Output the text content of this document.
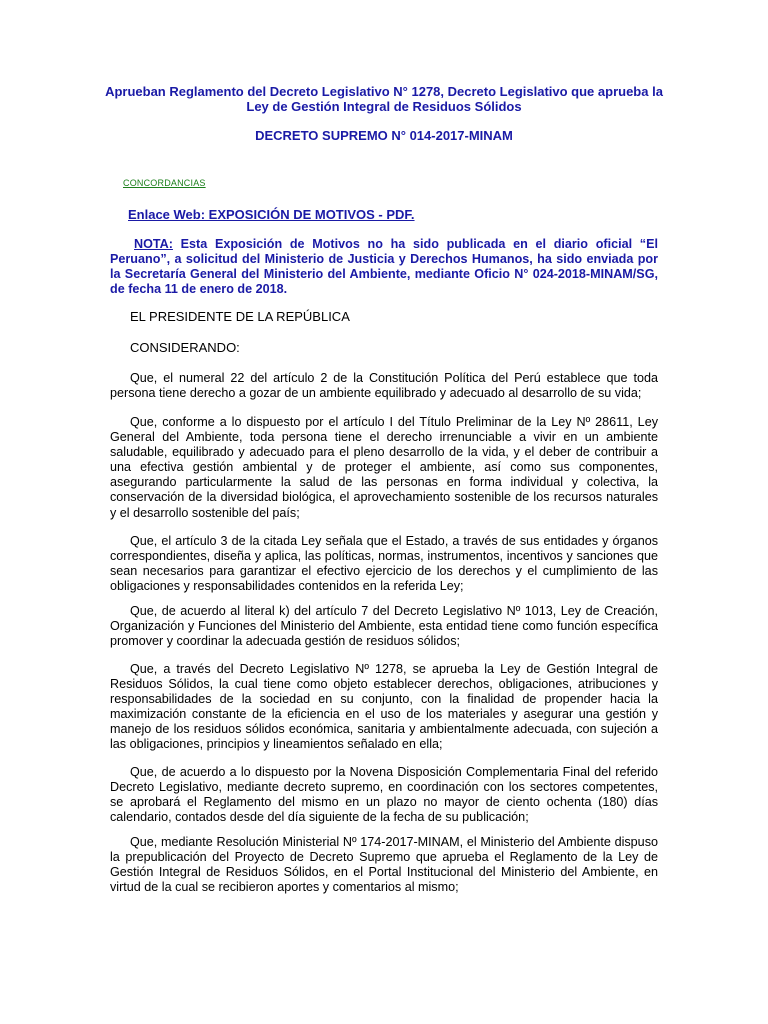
Aprueban Reglamento del Decreto Legislativo N° 1278, Decreto Legislativo que aprueba la Ley de Gestión Integral de Residuos Sólidos
DECRETO SUPREMO N° 014-2017-MINAM
CONCORDANCIAS
Enlace Web: EXPOSICIÓN DE MOTIVOS - PDF.
NOTA: Esta Exposición de Motivos no ha sido publicada en el diario oficial “El Peruano”, a solicitud del Ministerio de Justicia y Derechos Humanos, ha sido enviada por la Secretaría General del Ministerio del Ambiente, mediante Oficio N° 024-2018-MINAM/SG, de fecha 11 de enero de 2018.
EL PRESIDENTE DE LA REPÚBLICA
CONSIDERANDO:
Que, el numeral 22 del artículo 2 de la Constitución Política del Perú establece que toda persona tiene derecho a gozar de un ambiente equilibrado y adecuado al desarrollo de su vida;
Que, conforme a lo dispuesto por el artículo I del Título Preliminar de la Ley Nº 28611, Ley General del Ambiente, toda persona tiene el derecho irrenunciable a vivir en un ambiente saludable, equilibrado y adecuado para el pleno desarrollo de la vida, y el deber de contribuir a una efectiva gestión ambiental y de proteger el ambiente, así como sus componentes, asegurando particularmente la salud de las personas en forma individual y colectiva, la conservación de la diversidad biológica, el aprovechamiento sostenible de los recursos naturales y el desarrollo sostenible del país;
Que, el artículo 3 de la citada Ley señala que el Estado, a través de sus entidades y órganos correspondientes, diseña y aplica, las políticas, normas, instrumentos, incentivos y sanciones que sean necesarios para garantizar el efectivo ejercicio de los derechos y el cumplimiento de las obligaciones y responsabilidades contenidos en la referida Ley;
Que, de acuerdo al literal k) del artículo 7 del Decreto Legislativo Nº 1013, Ley de Creación, Organización y Funciones del Ministerio del Ambiente, esta entidad tiene como función específica promover y coordinar la adecuada gestión de residuos sólidos;
Que, a través del Decreto Legislativo Nº 1278, se aprueba la Ley de Gestión Integral de Residuos Sólidos, la cual tiene como objeto establecer derechos, obligaciones, atribuciones y responsabilidades de la sociedad en su conjunto, con la finalidad de propender hacia la maximización constante de la eficiencia en el uso de los materiales y asegurar una gestión y manejo de los residuos sólidos económica, sanitaria y ambientalmente adecuada, con sujeción a las obligaciones, principios y lineamientos señalado en ella;
Que, de acuerdo a lo dispuesto por la Novena Disposición Complementaria Final del referido Decreto Legislativo, mediante decreto supremo, en coordinación con los sectores competentes, se aprobará el Reglamento del mismo en un plazo no mayor de ciento ochenta (180) días calendario, contados desde del día siguiente de la fecha de su publicación;
Que, mediante Resolución Ministerial Nº 174-2017-MINAM, el Ministerio del Ambiente dispuso la prepublicación del Proyecto de Decreto Supremo que aprueba el Reglamento de la Ley de Gestión Integral de Residuos Sólidos, en el Portal Institucional del Ministerio del Ambiente, en virtud de la cual se recibieron aportes y comentarios al mismo;
